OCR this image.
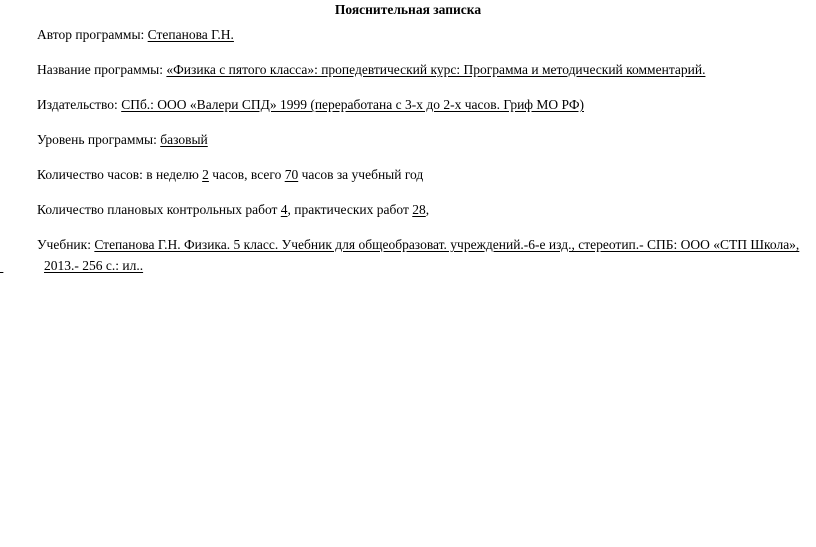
Пояснительная записка
Автор программы: Степанова Г.Н.
Название программы: «Физика с пятого класса»: пропедевтический курс: Программа и методический комментарий.
Издательство: СПб.: ООО «Валери СПД» 1999 (переработана с 3-х до 2-х часов. Гриф МО РФ)
Уровень программы: базовый
Количество часов: в неделю 2 часов, всего 70 часов за учебный год
Количество плановых контрольных работ 4, практических работ 28,
Учебник: Степанова Г.Н. Физика. 5 класс. Учебник для общеобразоват. учреждений.-6-е изд., стереотип.- СПБ: ООО «СТП Школа»,
2013.- 256 с.: ил..
